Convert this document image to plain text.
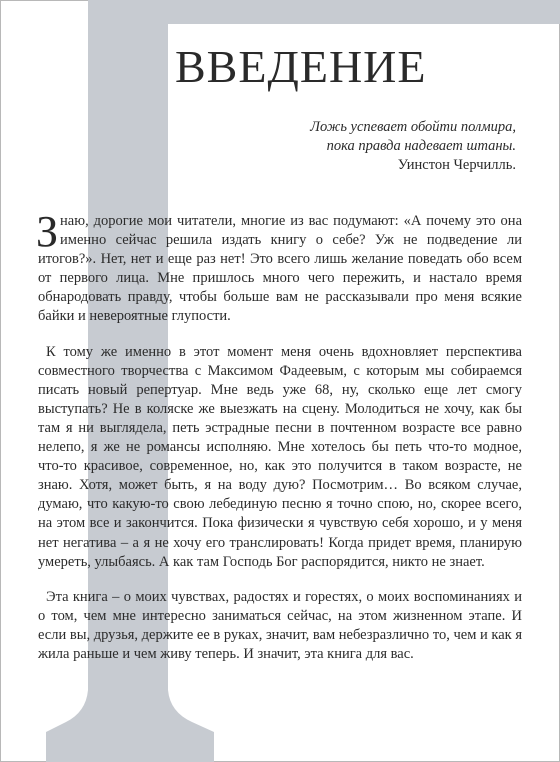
ВВЕДЕНИЕ
Ложь успевает обойти полмира,
пока правда надевает штаны.
Уинстон Черчилль.

Знаю, дорогие мои читатели, многие из вас подумают: «А почему это она именно сейчас решила издать книгу о себе? Уж не подведение ли итогов?». Нет, нет и еще раз нет! Это всего лишь желание поведать обо всем от первого лица. Мне пришлось много чего пережить, и настало время обнародовать правду, чтобы больше вам не рассказывали про меня всякие байки и невероятные глупости.

К тому же именно в этот момент меня очень вдохновляет перспектива совместного творчества с Максимом Фадеевым, с которым мы собираемся писать новый репертуар. Мне ведь уже 68, ну, сколько еще лет смогу выступать? Не в коляске же выезжать на сцену. Молодиться не хочу, как бы там я ни выглядела, петь эстрадные песни в почтенном возрасте все равно нелепо, я же не романсы исполняю. Мне хотелось бы петь что-то модное, что-то красивое, современное, но, как это получится в таком возрасте, не знаю. Хотя, может быть, я на воду дую? Посмотрим… Во всяком случае, думаю, что какую-то свою лебединую песню я точно спою, но, скорее всего, на этом все и закончится. Пока физически я чувствую себя хорошо, и у меня нет негатива – а я не хочу его транслировать! Когда придет время, планирую умереть, улыбаясь. А как там Господь Бог распорядится, никто не знает.

Эта книга – о моих чувствах, радостях и горестях, о моих воспоминаниях и о том, чем мне интересно заниматься сейчас, на этом жизненном этапе. И если вы, друзья, держите ее в руках, значит, вам небезразлично то, чем и как я жила раньше и чем живу теперь. И значит, эта книга для вас.
